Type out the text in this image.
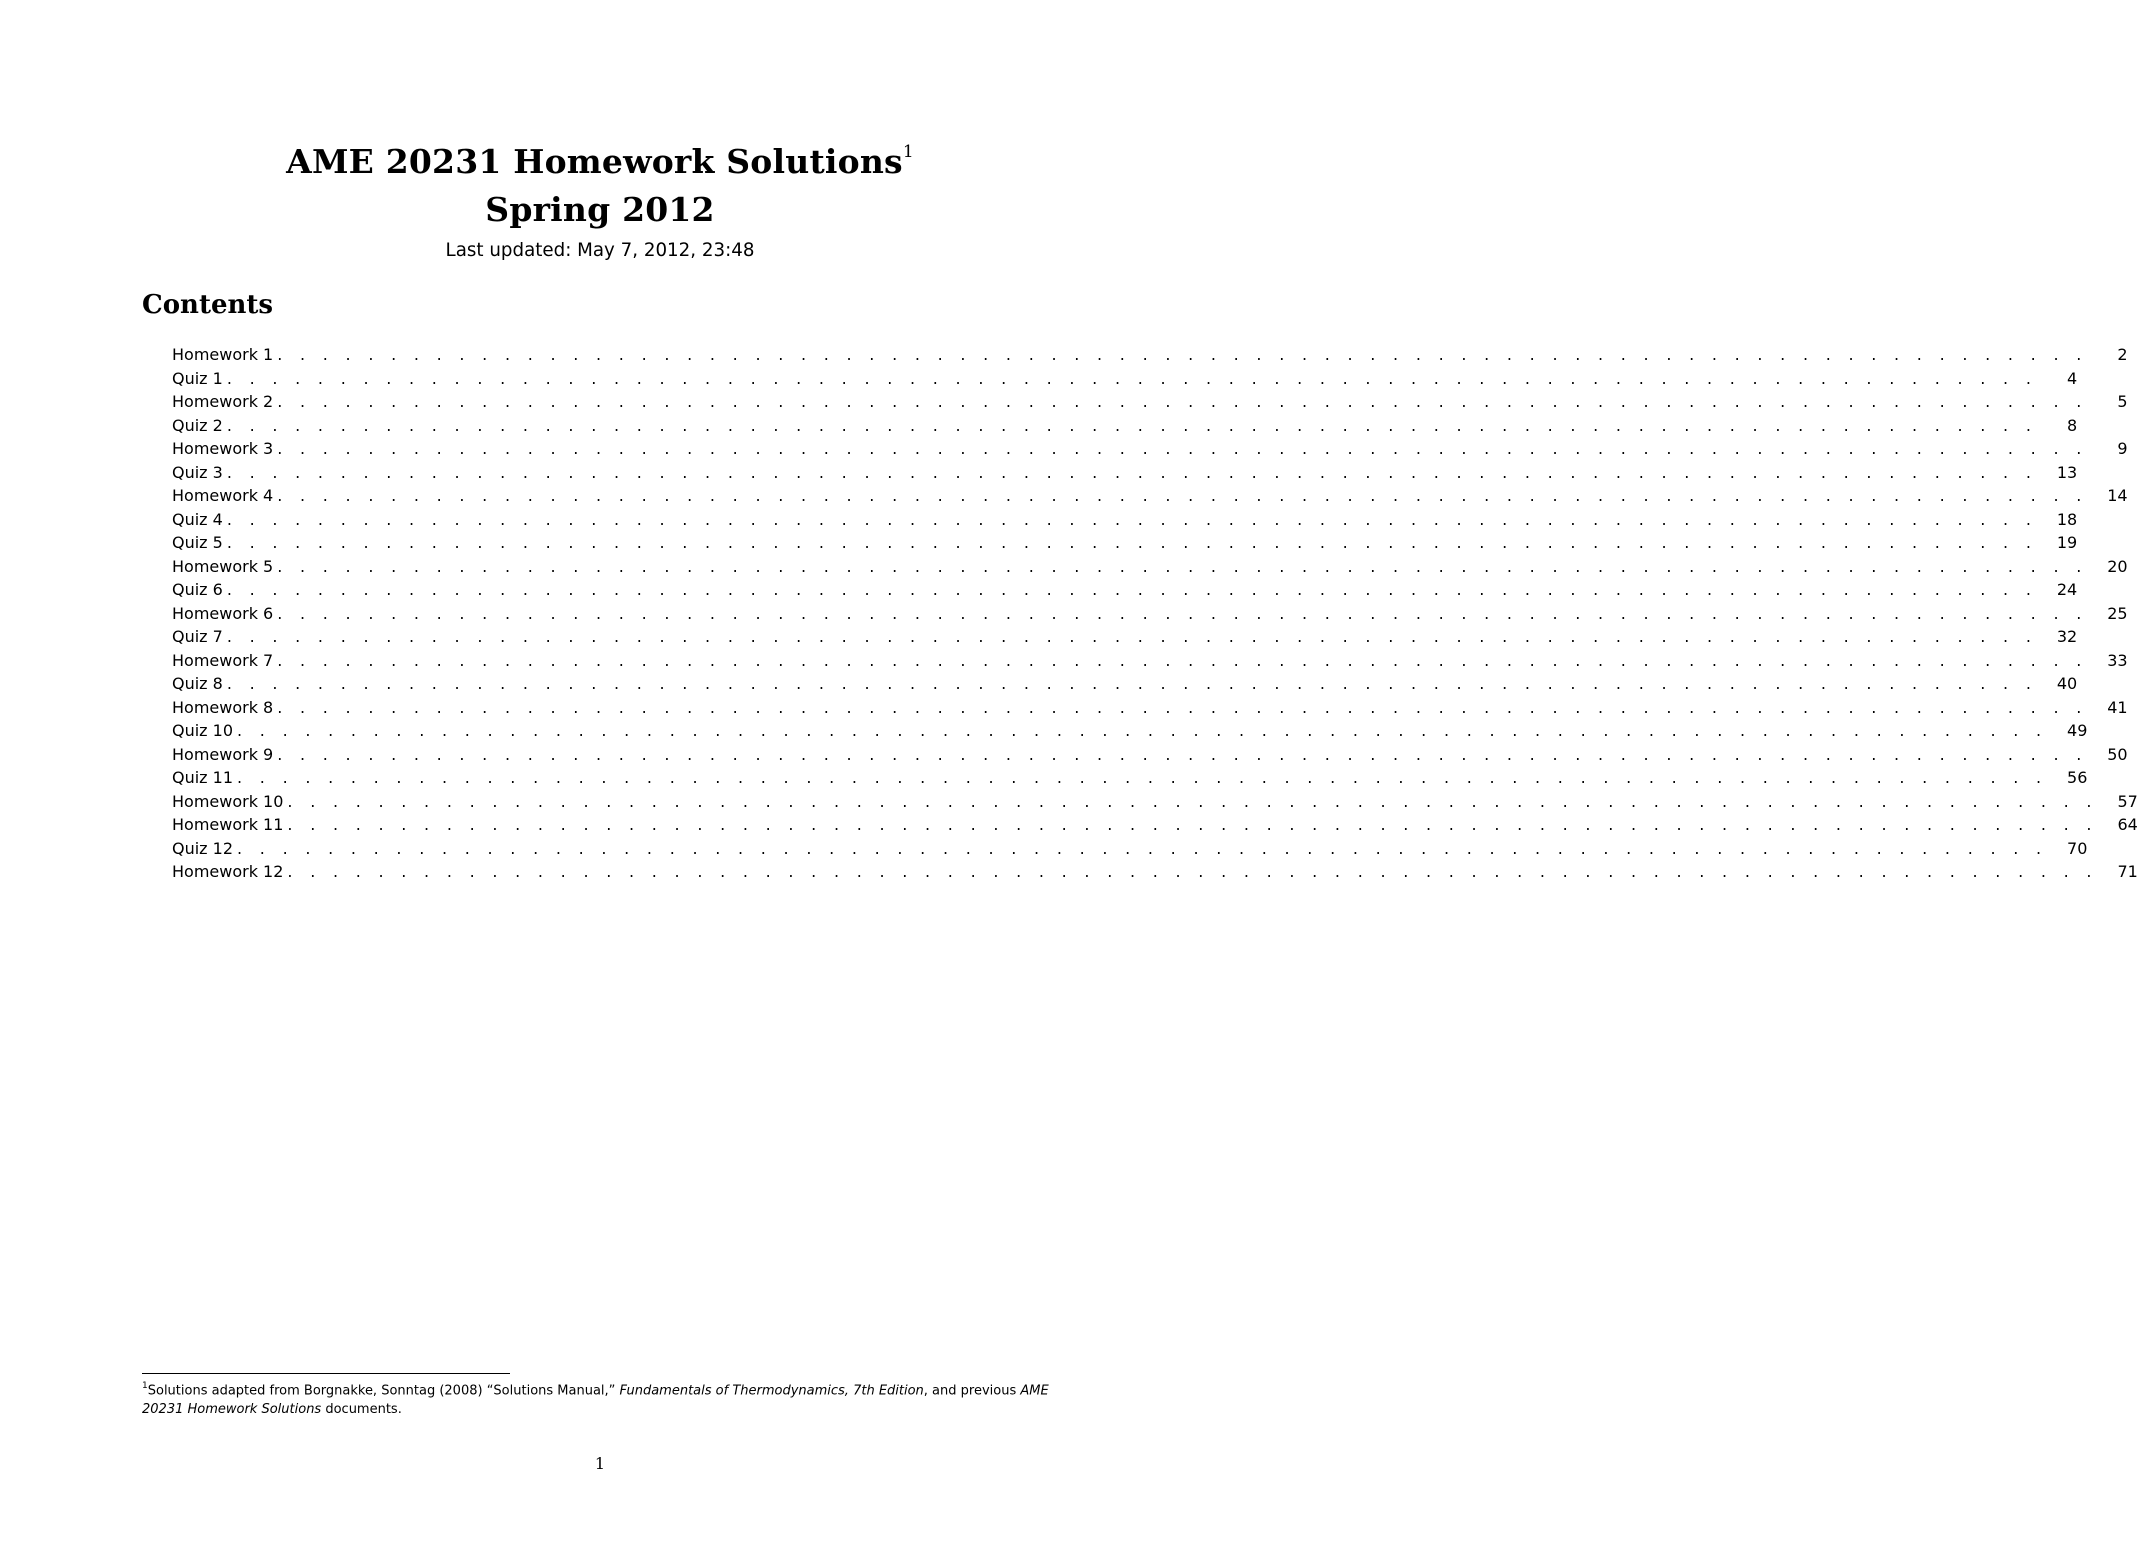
AME 20231 Homework Solutions$^1$
Spring 2012
Last updated: May 7, 2012, 23:48
Contents
Homework 1 . . . . . . . . . . . . . . . . . . . . . . . . . . . . . . . . . . . . . . . . . . . . . . . . . . . . . . . . . . . . . . . . . . . . . . . . . . . . . . . .	2
Quiz 1 . . . . . . . . . . . . . . . . . . . . . . . . . . . . . . . . . . . . . . . . . . . . . . . . . . . . . . . . . . . . . . . . . . . . . . . . . . . . . . . .	4
Homework 2 . . . . . . . . . . . . . . . . . . . . . . . . . . . . . . . . . . . . . . . . . . . . . . . . . . . . . . . . . . . . . . . . . . . . . . . . . . . . . . . .	5
Quiz 2 . . . . . . . . . . . . . . . . . . . . . . . . . . . . . . . . . . . . . . . . . . . . . . . . . . . . . . . . . . . . . . . . . . . . . . . . . . . . . . . .	8
Homework 3 . . . . . . . . . . . . . . . . . . . . . . . . . . . . . . . . . . . . . . . . . . . . . . . . . . . . . . . . . . . . . . . . . . . . . . . . . . . . . . . .	9
Quiz 3 . . . . . . . . . . . . . . . . . . . . . . . . . . . . . . . . . . . . . . . . . . . . . . . . . . . . . . . . . . . . . . . . . . . . . . . . . . . . . . . .	13
Homework 4 . . . . . . . . . . . . . . . . . . . . . . . . . . . . . . . . . . . . . . . . . . . . . . . . . . . . . . . . . . . . . . . . . . . . . . . . . . . . . . . .	14
Quiz 4 . . . . . . . . . . . . . . . . . . . . . . . . . . . . . . . . . . . . . . . . . . . . . . . . . . . . . . . . . . . . . . . . . . . . . . . . . . . . . . . .	18
Quiz 5 . . . . . . . . . . . . . . . . . . . . . . . . . . . . . . . . . . . . . . . . . . . . . . . . . . . . . . . . . . . . . . . . . . . . . . . . . . . . . . . .	19
Homework 5 . . . . . . . . . . . . . . . . . . . . . . . . . . . . . . . . . . . . . . . . . . . . . . . . . . . . . . . . . . . . . . . . . . . . . . . . . . . . . . . .	20
Quiz 6 . . . . . . . . . . . . . . . . . . . . . . . . . . . . . . . . . . . . . . . . . . . . . . . . . . . . . . . . . . . . . . . . . . . . . . . . . . . . . . . .	24
Homework 6 . . . . . . . . . . . . . . . . . . . . . . . . . . . . . . . . . . . . . . . . . . . . . . . . . . . . . . . . . . . . . . . . . . . . . . . . . . . . . . . .	25
Quiz 7 . . . . . . . . . . . . . . . . . . . . . . . . . . . . . . . . . . . . . . . . . . . . . . . . . . . . . . . . . . . . . . . . . . . . . . . . . . . . . . . .	32
Homework 7 . . . . . . . . . . . . . . . . . . . . . . . . . . . . . . . . . . . . . . . . . . . . . . . . . . . . . . . . . . . . . . . . . . . . . . . . . . . . . . . .	33
Quiz 8 . . . . . . . . . . . . . . . . . . . . . . . . . . . . . . . . . . . . . . . . . . . . . . . . . . . . . . . . . . . . . . . . . . . . . . . . . . . . . . . .	40
Homework 8 . . . . . . . . . . . . . . . . . . . . . . . . . . . . . . . . . . . . . . . . . . . . . . . . . . . . . . . . . . . . . . . . . . . . . . . . . . . . . . . .	41
Quiz 10 . . . . . . . . . . . . . . . . . . . . . . . . . . . . . . . . . . . . . . . . . . . . . . . . . . . . . . . . . . . . . . . . . . . . . . . . . . . . . . . .	49
Homework 9 . . . . . . . . . . . . . . . . . . . . . . . . . . . . . . . . . . . . . . . . . . . . . . . . . . . . . . . . . . . . . . . . . . . . . . . . . . . . . . . .	50
Quiz 11 . . . . . . . . . . . . . . . . . . . . . . . . . . . . . . . . . . . . . . . . . . . . . . . . . . . . . . . . . . . . . . . . . . . . . . . . . . . . . . . .	56
Homework 10 . . . . . . . . . . . . . . . . . . . . . . . . . . . . . . . . . . . . . . . . . . . . . . . . . . . . . . . . . . . . . . . . . . . . . . . . . . . . . . . .	57
Homework 11 . . . . . . . . . . . . . . . . . . . . . . . . . . . . . . . . . . . . . . . . . . . . . . . . . . . . . . . . . . . . . . . . . . . . . . . . . . . . . . . .	64
Quiz 12 . . . . . . . . . . . . . . . . . . . . . . . . . . . . . . . . . . . . . . . . . . . . . . . . . . . . . . . . . . . . . . . . . . . . . . . . . . . . . . . .	70
Homework 12 . . . . . . . . . . . . . . . . . . . . . . . . . . . . . . . . . . . . . . . . . . . . . . . . . . . . . . . . . . . . . . . . . . . . . . . . . . . . . . . .	71
$^1$Solutions adapted from Borgnakke, Sonntag (2008) “Solutions Manual,” Fundamentals of Thermodynamics, 7th Edition, and previous AME 20231 Homework Solutions documents.
1
